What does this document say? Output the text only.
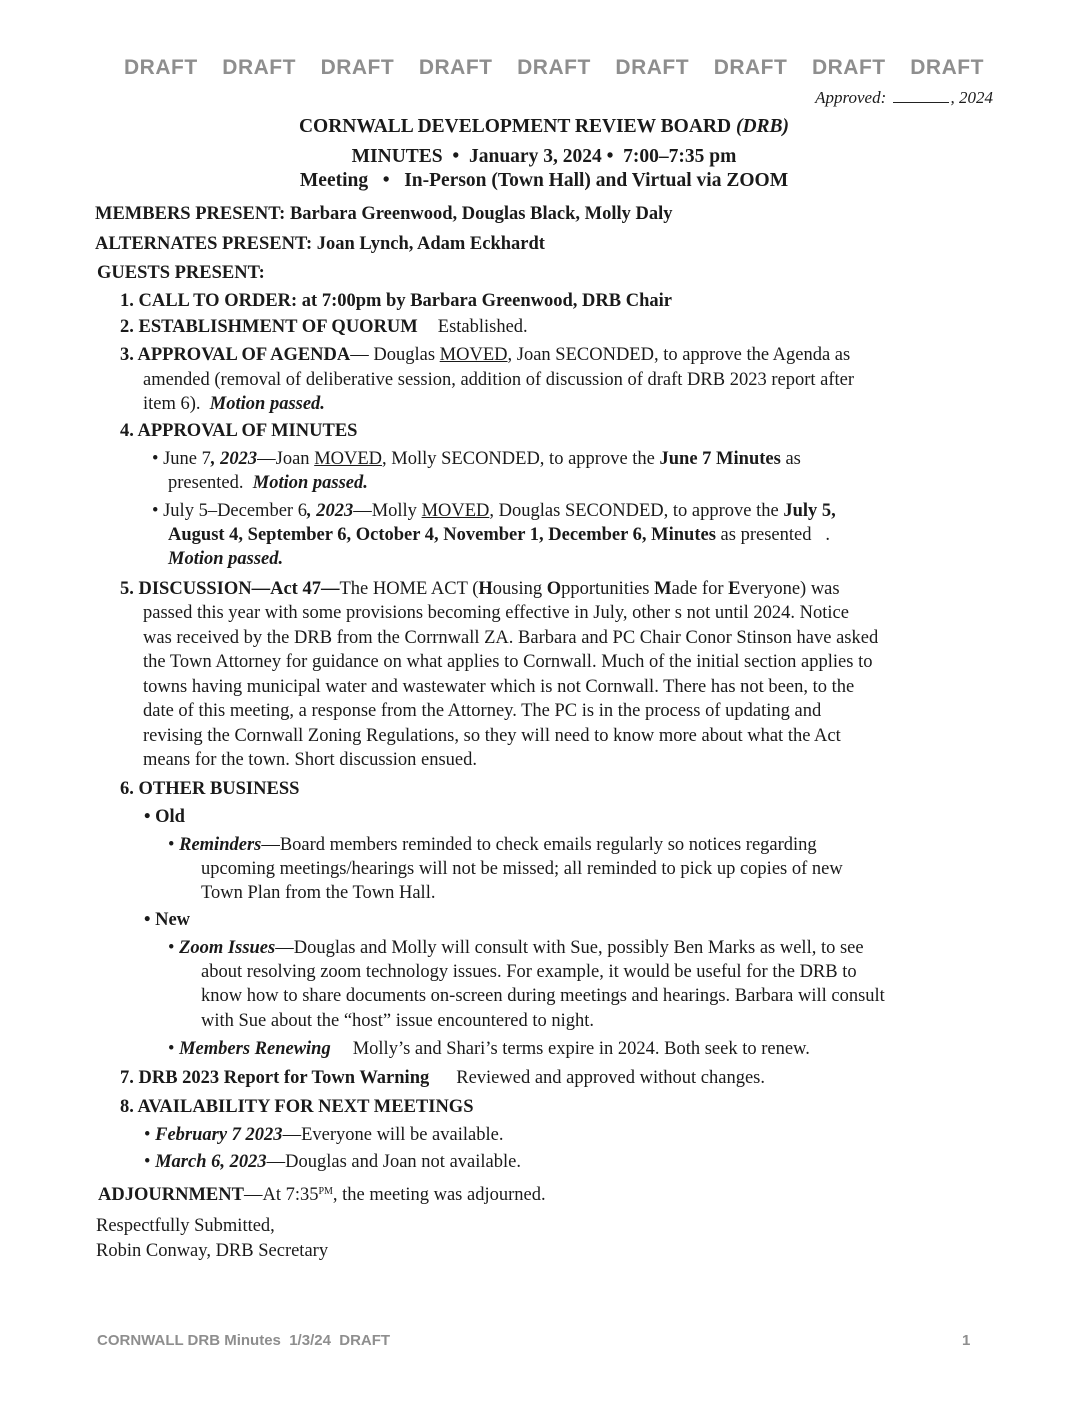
DRAFT DRAFT DRAFT DRAFT DRAFT DRAFT DRAFT DRAFT DRAFT
Approved:	, 2024
CORNWALL DEVELOPMENT REVIEW BOARD (DRB)
MINUTES  •  January 3, 2024 •  7:00–7:35 pm
Meeting   •   In-Person (Town Hall) and Virtual via ZOOM
MEMBERS PRESENT: Barbara Greenwood, Douglas Black, Molly Daly
ALTERNATES PRESENT: Joan Lynch, Adam Eckhardt
GUESTS PRESENT:
1. CALL TO ORDER: at 7:00pm by Barbara Greenwood, DRB Chair
2. ESTABLISHMENT OF QUORUM Established.
3. APPROVAL OF AGENDA— Douglas MOVED, Joan SECONDED, to approve the Agenda as
amended (removal of deliberative session, addition of discussion of draft DRB 2023 report after
item 6).  Motion passed.
4. APPROVAL OF MINUTES
• June 7, 2023—Joan MOVED, Molly SECONDED, to approve the June 7 Minutes as
presented.  Motion passed.
• July 5–December 6, 2023—Molly MOVED, Douglas SECONDED, to approve the July 5,
August 4, September 6, October 4, November 1, December 6, Minutes as presented   .
Motion passed.
5. DISCUSSION—Act 47—The HOME ACT (Housing Opportunities Made for Everyone) was
passed this year with some provisions becoming effective in July, other s not until 2024. Notice
was received by the DRB from the Corrnwall ZA. Barbara and PC Chair Conor Stinson have asked
the Town Attorney for guidance on what applies to Cornwall. Much of the initial section applies to
towns having municipal water and wastewater which is not Cornwall. There has not been, to the
date of this meeting, a response from the Attorney. The PC is in the process of updating and
revising the Cornwall Zoning Regulations, so they will need to know more about what the Act
means for the town. Short discussion ensued.
6. OTHER BUSINESS
• Old
• Reminders—Board members reminded to check emails regularly so notices regarding
upcoming meetings/hearings will not be missed; all reminded to pick up copies of new
Town Plan from the Town Hall.
• New
• Zoom Issues—Douglas and Molly will consult with Sue, possibly Ben Marks as well, to see
about resolving zoom technology issues. For example, it would be useful for the DRB to
know how to share documents on-screen during meetings and hearings. Barbara will consult
with Sue about the “host” issue encountered to night.
• Members Renewing Molly’s and Shari’s terms expire in 2024. Both seek to renew.
7. DRB 2023 Report for Town Warning Reviewed and approved without changes.
8. AVAILABILITY FOR NEXT MEETINGS
• February 7 2023—Everyone will be available.
• March 6, 2023—Douglas and Joan not available.
ADJOURNMENT—At $7:35^{PM}$, the meeting was adjourned.
Respectfully Submitted,
Robin Conway, DRB Secretary
CORNWALL DRB Minutes  1/3/24  DRAFT	1
